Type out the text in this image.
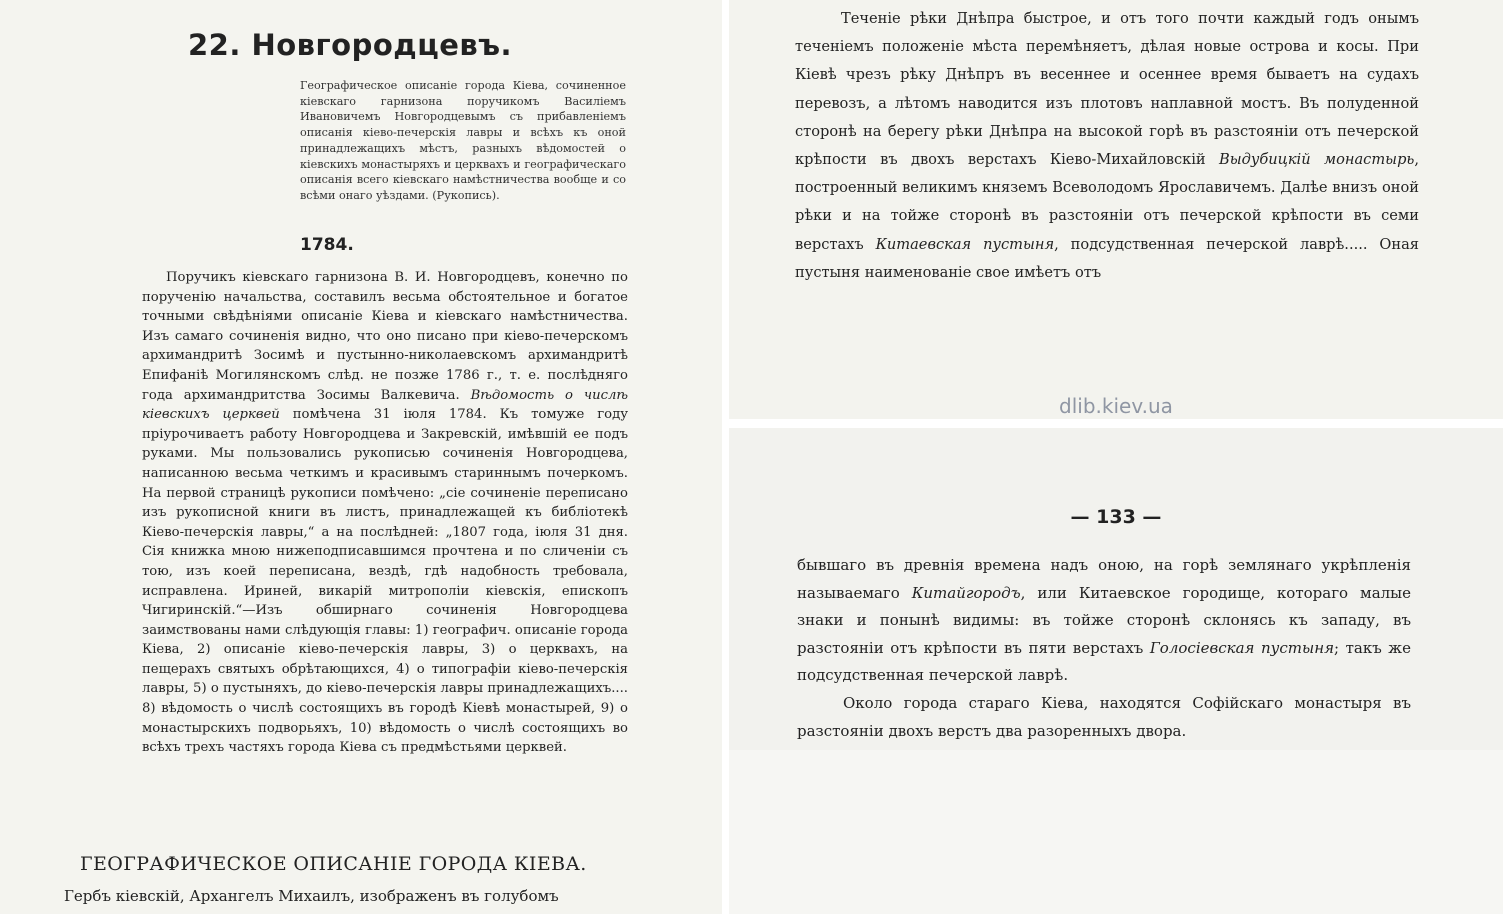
22. Новгородцевъ.
Географическое описаніе города Кіева, сочиненное кіевскаго гарнизона поручикомъ Василіемъ Ивановичемъ Новгородцевымъ съ прибавленіемъ описанія кіево-печерскія лавры и всѣхъ къ оной принадлежащихъ мѣстъ, разныхъ вѣдомостей о кіевскихъ монастыряхъ и церквахъ и географическаго описанія всего кіевскаго намѣстничества вообще и со всѣми онаго уѣздами. (Рукопись).
1784.

Поручикъ кіевскаго гарнизона В. И. Новгородцевъ, конечно по порученію начальства, составилъ весьма обстоятельное и богатое точными свѣдѣніями описаніе Кіева и кіевскаго намѣстничества. Изъ самаго сочиненія видно, что оно писано при кіево-печерскомъ архимандритѣ Зосимѣ и пустынно-николаевскомъ архимандритѣ Епифаніѣ Могилянскомъ слѣд. не позже 1786 г., т. е. послѣдняго года архимандритства Зосимы Валкевича. Вѣдомость о числѣ кіевскихъ церквей помѣчена 31 іюля 1784. Къ томуже году пріурочиваетъ работу Новгородцева и Закревскій, имѣвшій ее подъ руками. Мы пользовались рукописью сочиненія Новгородцева, написанною весьма четкимъ и красивымъ стариннымъ почеркомъ. На первой страницѣ рукописи помѣчено: „сіе сочиненіе переписано изъ рукописной книги въ листъ, принадлежащей къ библіотекѣ Кіево-печерскія лавры,“ а на послѣдней: „1807 года, іюля 31 дня. Сія книжка мною нижеподписавшимся прочтена и по сличеніи съ тою, изъ коей переписана, вездѣ, гдѣ надобность требовала, исправлена. Ириней, викарій митрополіи кіевскія, епископъ Чигиринскій.“—Изъ обширнаго сочиненія Новгородцева заимствованы нами слѣдующія главы: 1) географич. описаніе города Кіева, 2) описаніе кіево-печерскія лавры, 3) о церквахъ, на пещерахъ святыхъ обрѣтающихся, 4) о типографіи кіево-печерскія лавры, 5) о пустыняхъ, до кіево-печерскія лавры принадлежащихъ.... 8) вѣдомость о числѣ состоящихъ въ городѣ Кіевѣ монастырей, 9) о монастырскихъ подворьяхъ, 10) вѣдомость о числѣ состоящихъ во всѣхъ трехъ частяхъ города Кіева съ предмѣстьями церквей.

ГЕОГРАФИЧЕСКОЕ ОПИСАНІЕ ГОРОДА КІЕВА.
Гербъ кіевскій, Архангелъ Михаилъ, изображенъ въ голубомъ

Теченіе рѣки Днѣпра быстрое, и отъ того почти каждый годъ онымъ теченіемъ положеніе мѣста перемѣняетъ, дѣлая новые острова и косы. При Кіевѣ чрезъ рѣку Днѣпръ въ весеннее и осеннее время бываетъ на судахъ перевозъ, а лѣтомъ наводится изъ плотовъ наплавной мостъ. Въ полуденной сторонѣ на берегу рѣки Днѣпра на высокой горѣ въ разстояніи отъ печерской крѣпости въ двохъ верстахъ Кіево-Михайловскій Выдубицкій монастырь, построенный великимъ княземъ Всеволодомъ Ярославичемъ. Далѣе внизъ оной рѣки и на тойже сторонѣ въ разстояніи отъ печерской крѣпости въ семи верстахъ Китаевская пустыня, подсудственная печерской лаврѣ..... Оная пустыня наименованіе свое имѣетъ отъ

dlib.kiev.ua
— 133 —

бывшаго въ древнія времена надъ оною, на горѣ землянаго укрѣпленія называемаго Китайгородъ, или Китаевское городище, котораго малые знаки и понынѣ видимы: въ тойже сторонѣ склонясь къ западу, въ разстояніи отъ крѣпости въ пяти верстахъ Голосіевская пустыня; такъ же подсудственная печерской лаврѣ.

Около города стараго Кіева, находятся Софійскаго монастыря въ разстояніи двохъ верстъ два разоренныхъ двора.
